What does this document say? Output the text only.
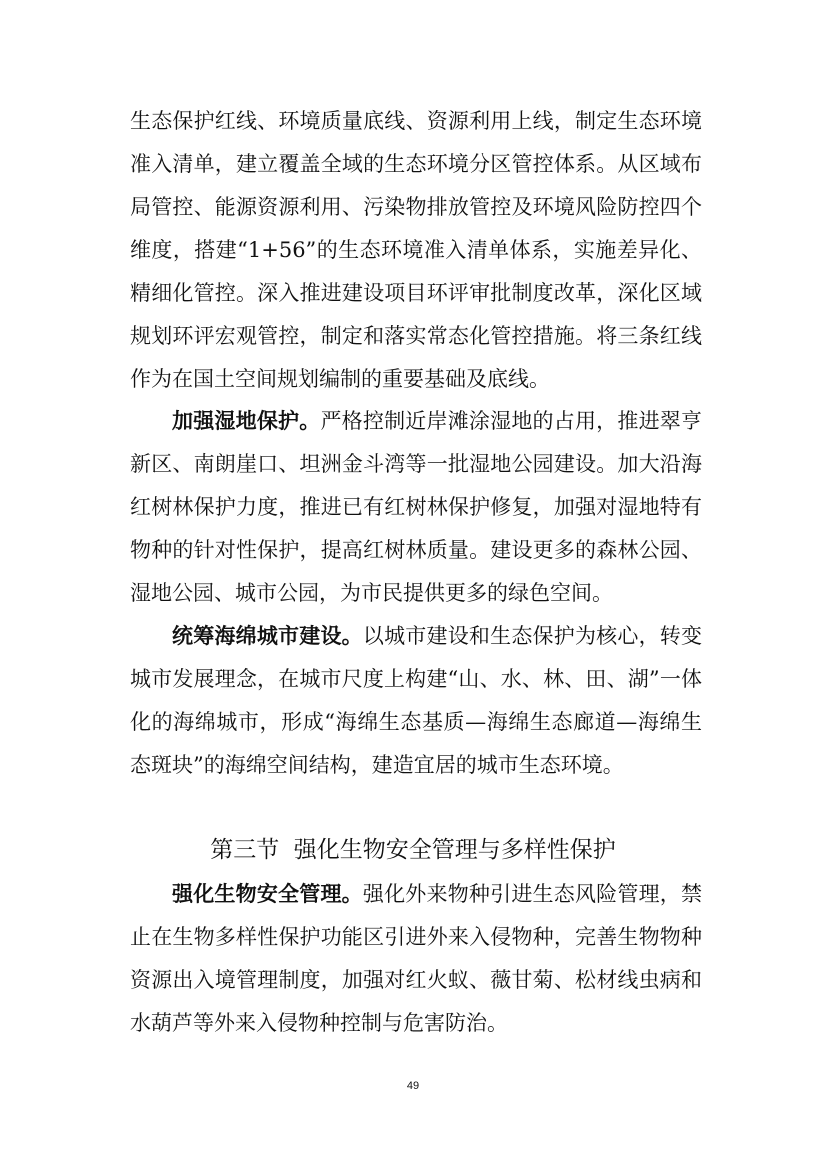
生态保护红线、环境质量底线、资源利用上线，制定生态环境准入清单，建立覆盖全域的生态环境分区管控体系。从区域布局管控、能源资源利用、污染物排放管控及环境风险防控四个维度，搭建“1+56”的生态环境准入清单体系，实施差异化、精细化管控。深入推进建设项目环评审批制度改革，深化区域规划环评宏观管控，制定和落实常态化管控措施。将三条红线作为在国土空间规划编制的重要基础及底线。

加强湿地保护。严格控制近岸滩涂湿地的占用，推进翠亨新区、南朗崖口、坦洲金斗湾等一批湿地公园建设。加大沿海红树林保护力度，推进已有红树林保护修复，加强对湿地特有物种的针对性保护，提高红树林质量。建设更多的森林公园、湿地公园、城市公园，为市民提供更多的绿色空间。

统筹海绵城市建设。以城市建设和生态保护为核心，转变城市发展理念，在城市尺度上构建“山、水、林、田、湖”一体化的海绵城市，形成“海绵生态基质—海绵生态廊道—海绵生态斑块”的海绵空间结构，建造宜居的城市生态环境。

第三节  强化生物安全管理与多样性保护

强化生物安全管理。强化外来物种引进生态风险管理，禁止在生物多样性保护功能区引进外来入侵物种，完善生物物种资源出入境管理制度，加强对红火蚁、薇甘菊、松材线虫病和水葫芦等外来入侵物种控制与危害防治。

49
